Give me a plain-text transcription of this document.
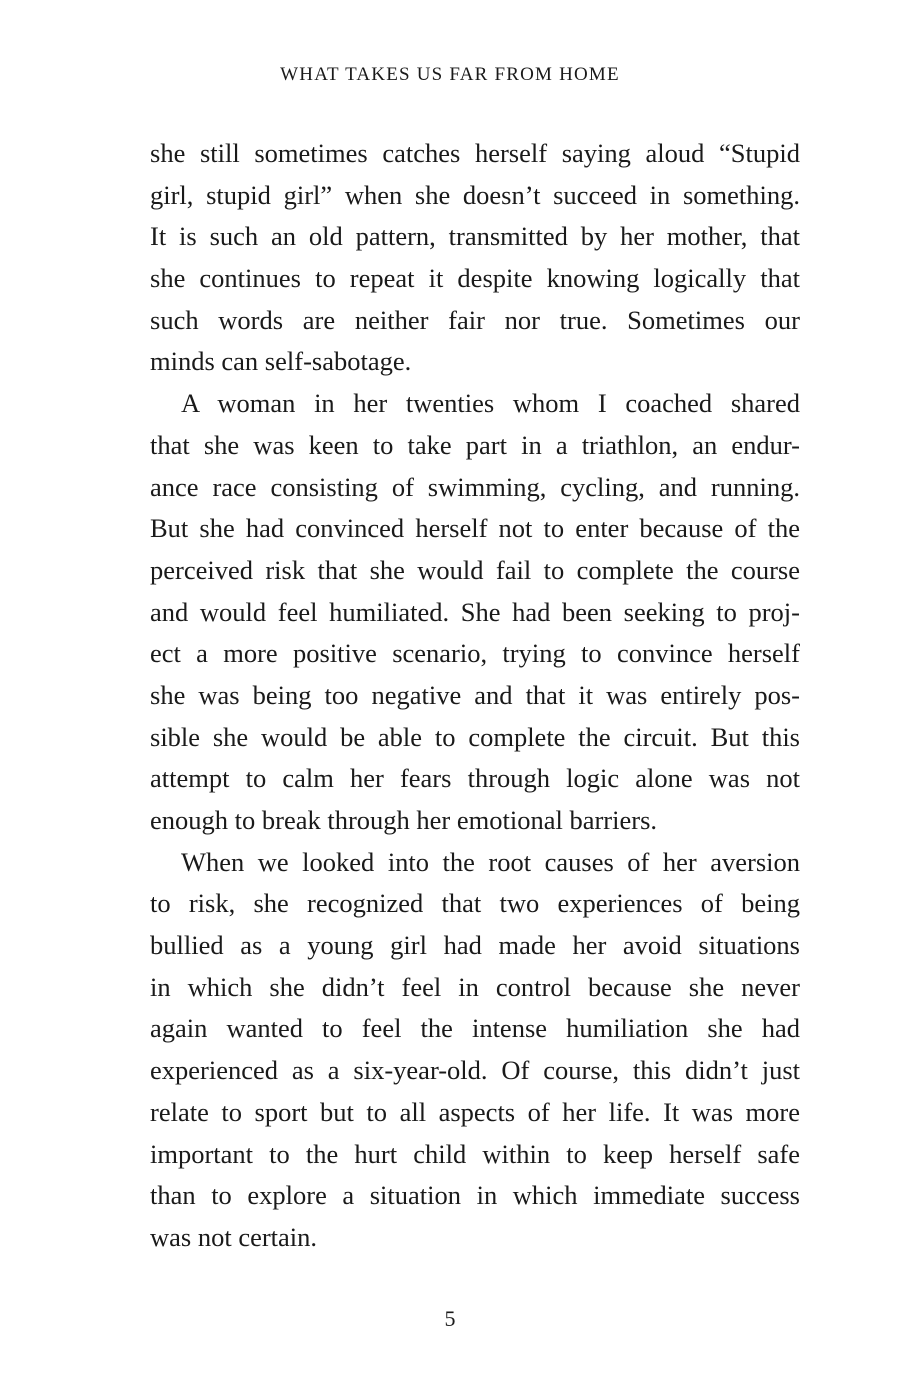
WHAT TAKES US FAR FROM HOME
she still sometimes catches herself saying aloud “Stupid
girl, stupid girl” when she doesn’t succeed in something.
It is such an old pattern, transmitted by her mother, that
she continues to repeat it despite knowing logically that
such words are neither fair nor true. Sometimes our
minds can self-sabotage.
A woman in her twenties whom I coached shared
that she was keen to take part in a triathlon, an endur-
ance race consisting of swimming, cycling, and running.
But she had convinced herself not to enter because of the
perceived risk that she would fail to complete the course
and would feel humiliated. She had been seeking to proj-
ect a more positive scenario, trying to convince herself
she was being too negative and that it was entirely pos-
sible she would be able to complete the circuit. But this
attempt to calm her fears through logic alone was not
enough to break through her emotional barriers.
When we looked into the root causes of her aversion
to risk, she recognized that two experiences of being
bullied as a young girl had made her avoid situations
in which she didn’t feel in control because she never
again wanted to feel the intense humiliation she had
experienced as a six-year-old. Of course, this didn’t just
relate to sport but to all aspects of her life. It was more
important to the hurt child within to keep herself safe
than to explore a situation in which immediate success
was not certain.
5
